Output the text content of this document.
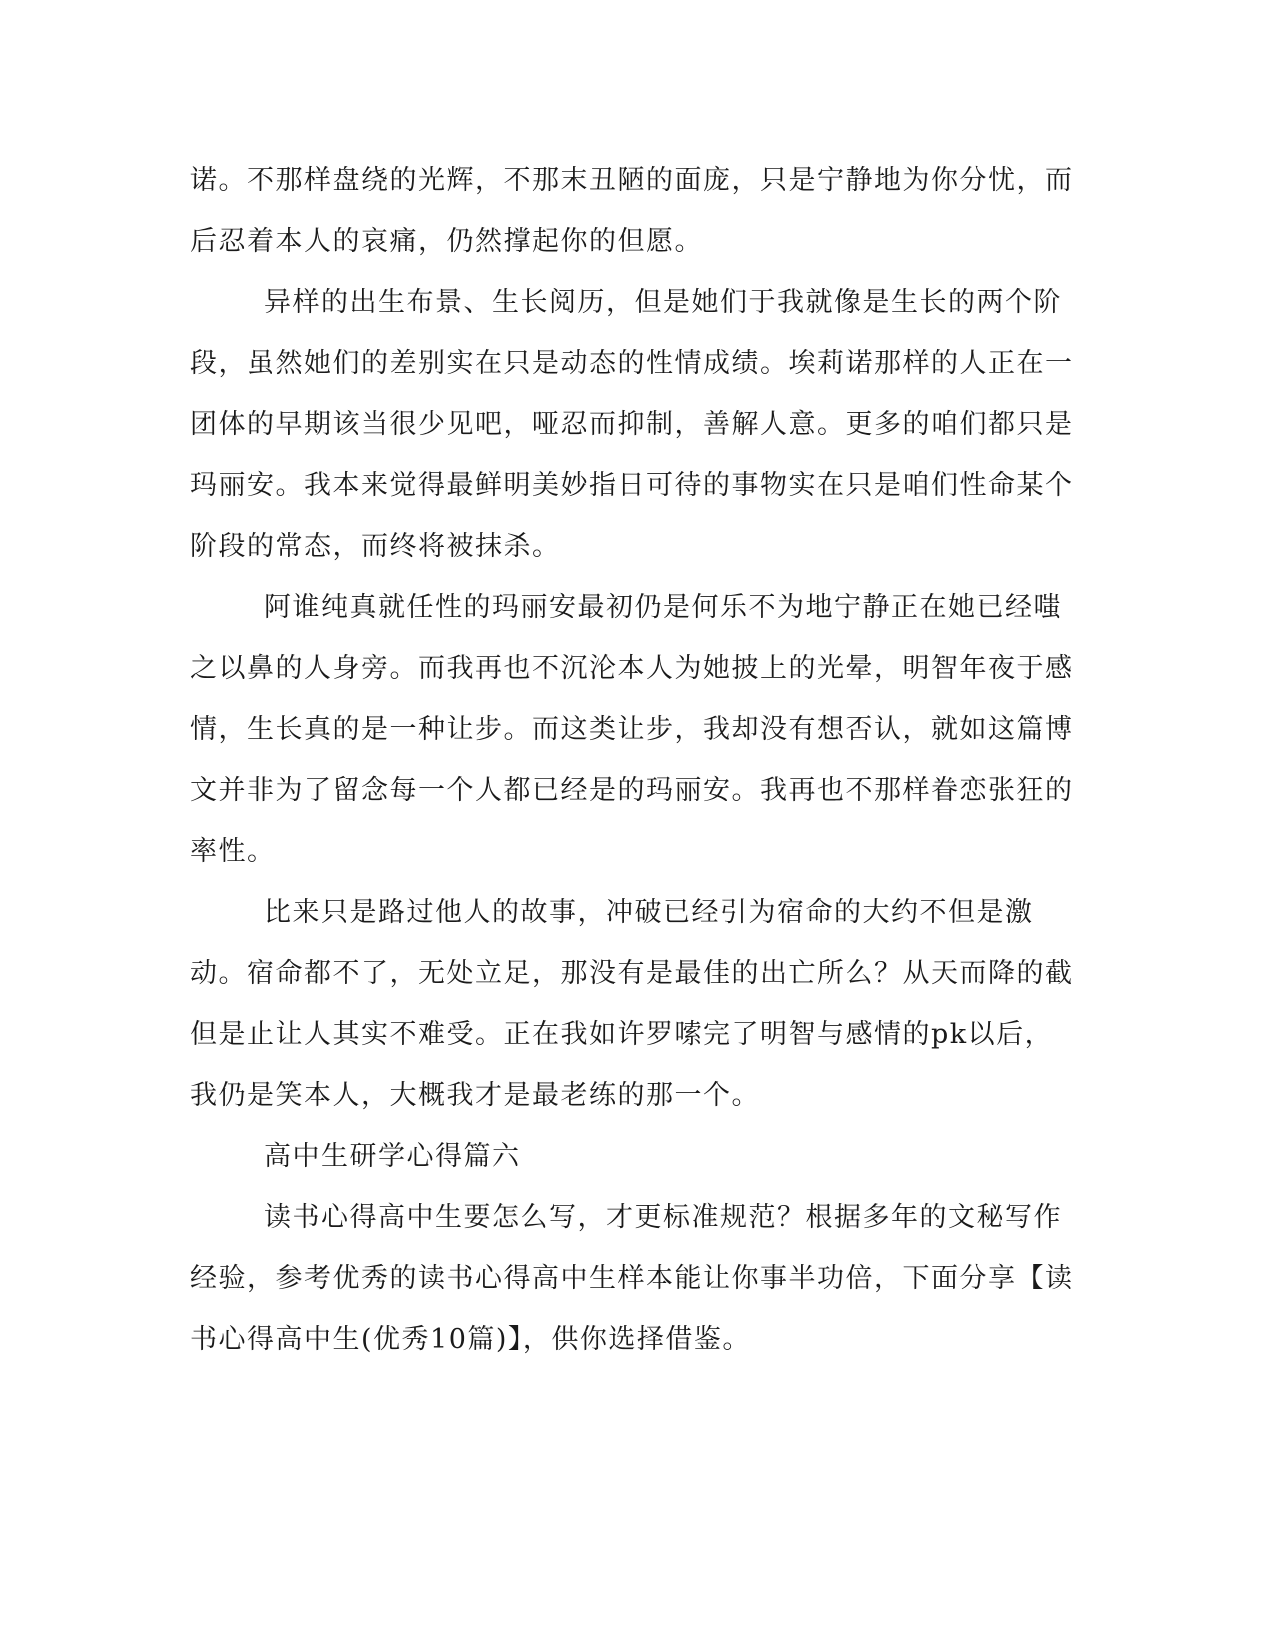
诺。不那样盘绕的光辉，不那末丑陋的面庞，只是宁静地为你分忧，而后忍着本人的哀痛，仍然撑起你的但愿。

异样的出生布景、生长阅历，但是她们于我就像是生长的两个阶段，虽然她们的差别实在只是动态的性情成绩。埃莉诺那样的人正在一团体的早期该当很少见吧，哑忍而抑制，善解人意。更多的咱们都只是玛丽安。我本来觉得最鲜明美妙指日可待的事物实在只是咱们性命某个阶段的常态，而终将被抹杀。

阿谁纯真就任性的玛丽安最初仍是何乐不为地宁静正在她已经嗤之以鼻的人身旁。而我再也不沉沦本人为她披上的光晕，明智年夜于感情，生长真的是一种让步。而这类让步，我却没有想否认，就如这篇博文并非为了留念每一个人都已经是的玛丽安。我再也不那样眷恋张狂的率性。

比来只是路过他人的故事，冲破已经引为宿命的大约不但是激动。宿命都不了，无处立足，那没有是最佳的出亡所么？从天而降的截但是止让人其实不难受。正在我如许罗嗦完了明智与感情的pk以后，我仍是笑本人，大概我才是最老练的那一个。

高中生研学心得篇六

读书心得高中生要怎么写，才更标准规范？根据多年的文秘写作经验，参考优秀的读书心得高中生样本能让你事半功倍，下面分享【读书心得高中生(优秀10篇)】，供你选择借鉴。
